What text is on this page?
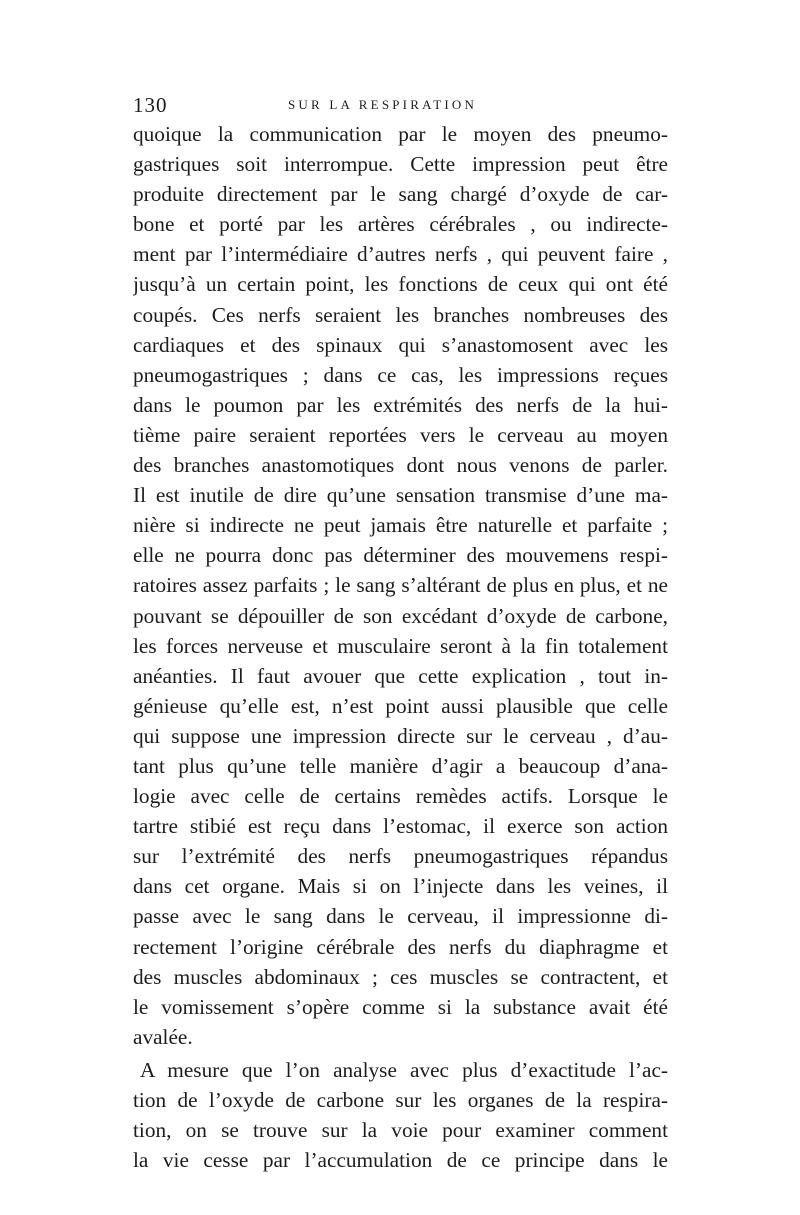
130	SUR LA RESPIRATION
quoique la communication par le moyen des pneumo-
gastriques soit interrompue. Cette impression peut être
produite directement par le sang chargé d’oxyde de car-
bone et porté par les artères cérébrales , ou indirecte-
ment par l’intermédiaire d’autres nerfs , qui peuvent faire ,
jusqu’à un certain point, les fonctions de ceux qui ont été
coupés. Ces nerfs seraient les branches nombreuses des
cardiaques et des spinaux qui s’anastomosent avec les
pneumogastriques ; dans ce cas, les impressions reçues
dans le poumon par les extrémités des nerfs de la hui-
tième paire seraient reportées vers le cerveau au moyen
des branches anastomotiques dont nous venons de parler.
Il est inutile de dire qu’une sensation transmise d’une ma-
nière si indirecte ne peut jamais être naturelle et parfaite ;
elle ne pourra donc pas déterminer des mouvemens respi-
ratoires assez parfaits ; le sang s’altérant de plus en plus, et ne
pouvant se dépouiller de son excédant d’oxyde de carbone,
les forces nerveuse et musculaire seront à la fin totalement
anéanties. Il faut avouer que cette explication , tout in-
génieuse qu’elle est, n’est point aussi plausible que celle
qui suppose une impression directe sur le cerveau , d’au-
tant plus qu’une telle manière d’agir a beaucoup d’ana-
logie avec celle de certains remèdes actifs. Lorsque le
tartre stibié est reçu dans l’estomac, il exerce son action
sur l’extrémité des nerfs pneumogastriques répandus
dans cet organe. Mais si on l’injecte dans les veines, il
passe avec le sang dans le cerveau, il impressionne di-
rectement l’origine cérébrale des nerfs du diaphragme et
des muscles abdominaux ; ces muscles se contractent, et
le vomissement s’opère comme si la substance avait été
avalée.
A mesure que l’on analyse avec plus d’exactitude l’ac-
tion de l’oxyde de carbone sur les organes de la respira-
tion, on se trouve sur la voie pour examiner comment
la vie cesse par l’accumulation de ce principe dans le
